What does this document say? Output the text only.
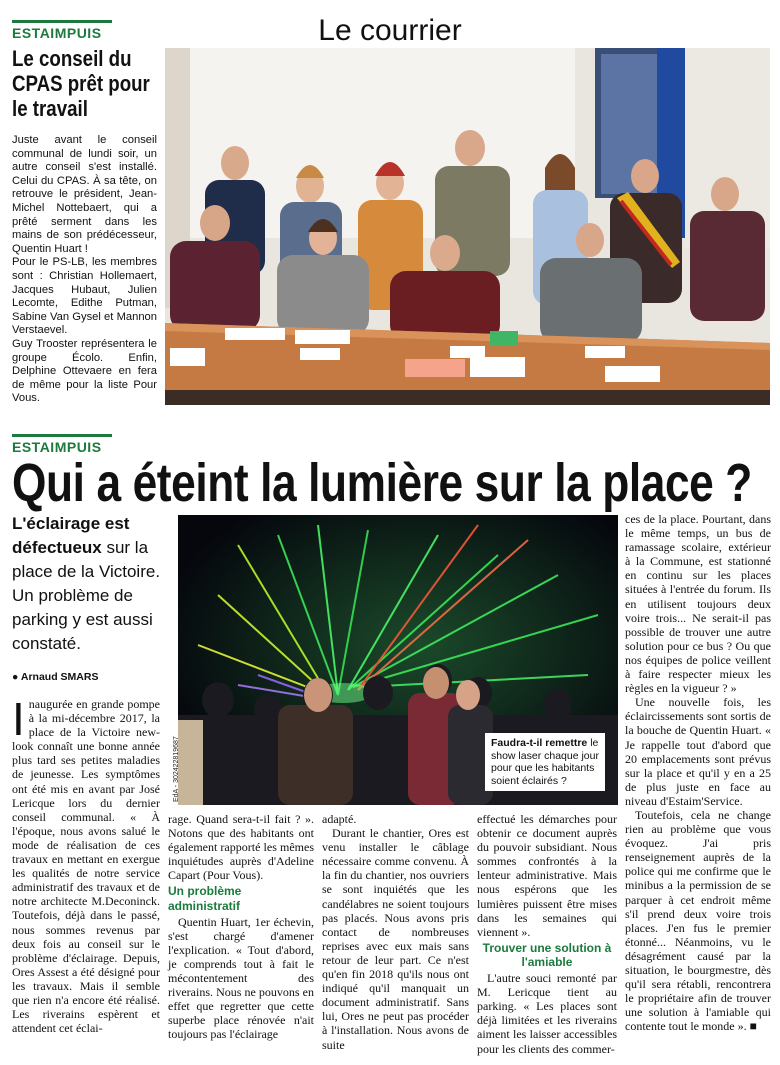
Le courrier
ESTAIMPUIS
Le conseil du CPAS prêt pour le travail
Juste avant le conseil communal de lundi soir, un autre conseil s'est installé. Celui du CPAS. À sa tête, on retrouve le président, Jean-Michel Nottebaert, qui a prêté serment dans les mains de son prédécesseur, Quentin Huart !
Pour le PS-LB, les membres sont : Christian Hollemaert, Jacques Hubaut, Julien Lecomte, Edithe Putman, Sabine Van Gysel et Mannon Verstaevel.
Guy Trooster représentera le groupe Écolo. Enfin, Delphine Ottevaere en fera de même pour la liste Pour Vous.	EdA - 409210295922
ESTAIMPUIS
Qui a éteint la lumière sur la place ?
L'éclairage est défectueux sur la place de la Victoire. Un problème de parking y est aussi constaté.
● Arnaud SMARS
EdA - 302422819687	Faudra-t-il remettre le show laser chaque jour pour que les habitants soient éclairés ?
I naugurée en grande pompe à la mi-décembre 2017, la place de la Victoire new-look connaît une bonne année plus tard ses petites maladies de jeunesse. Les symptômes ont été mis en avant par José Lericque lors du dernier conseil communal. « À l'époque, nous avons salué le mode de réalisation de ces travaux en mettant en exergue les qualités de notre service administratif des travaux et de notre architecte M.Deconinck. Toutefois, déjà dans le passé, nous sommes revenus par deux fois au conseil sur le problème d'éclairage. Depuis, Ores Assest a été désigné pour les travaux. Mais il semble que rien n'a encore été réalisé. Les riverains espèrent et attendent cet éclai-

rage. Quand sera-t-il fait ? ». Notons que des habitants ont également rapporté les mêmes inquiétudes auprès d'Adeline Capart (Pour Vous).

Un problème administratif

Quentin Huart, 1er échevin, s'est chargé d'amener l'explication. « Tout d'abord, je comprends tout à fait le mécontentement des riverains. Nous ne pouvons en effet que regretter que cette superbe place rénovée n'ait toujours pas l'éclairage

adapté.

Durant le chantier, Ores est venu installer le câblage nécessaire comme convenu. À la fin du chantier, nos ouvriers se sont inquiétés que les candélabres ne soient toujours pas placés. Nous avons pris contact de nombreuses reprises avec eux mais sans retour de leur part. Ce n'est qu'en fin 2018 qu'ils nous ont indiqué qu'il manquait un document administratif. Sans lui, Ores ne peut pas procéder à l'installation. Nous avons de suite

effectué les démarches pour obtenir ce document auprès du pouvoir subsidiant. Nous sommes confrontés à la lenteur administrative. Mais nous espérons que les lumières puissent être mises dans les semaines qui viennent ».

Trouver une solution à l'amiable

L'autre souci remonté par M. Lericque tient au parking. « Les places sont déjà limitées et les riverains aiment les laisser accessibles pour les clients des commer-

ces de la place. Pourtant, dans le même temps, un bus de ramassage scolaire, extérieur à la Commune, est stationné en continu sur les places situées à l'entrée du forum. Ils en utilisent toujours deux voire trois... Ne serait-il pas possible de trouver une autre solution pour ce bus ? Ou que nos équipes de police veillent à faire respecter mieux les règles en la vigueur ? »

Une nouvelle fois, les éclaircissements sont sortis de la bouche de Quentin Huart. « Je rappelle tout d'abord que 20 emplacements sont prévus sur la place et qu'il y en a 25 de plus juste en face au niveau d'Estaim'Service.

Toutefois, cela ne change rien au problème que vous évoquez. J'ai pris renseignement auprès de la police qui me confirme que le minibus a la permission de se parquer à cet endroit même s'il prend deux voire trois places. J'en fus le premier étonné... Néanmoins, vu le désagrément causé par la situation, le bourgmestre, dès qu'il sera rétabli, rencontrera le propriétaire afin de trouver une solution à l'amiable qui contente tout le monde ». ■
